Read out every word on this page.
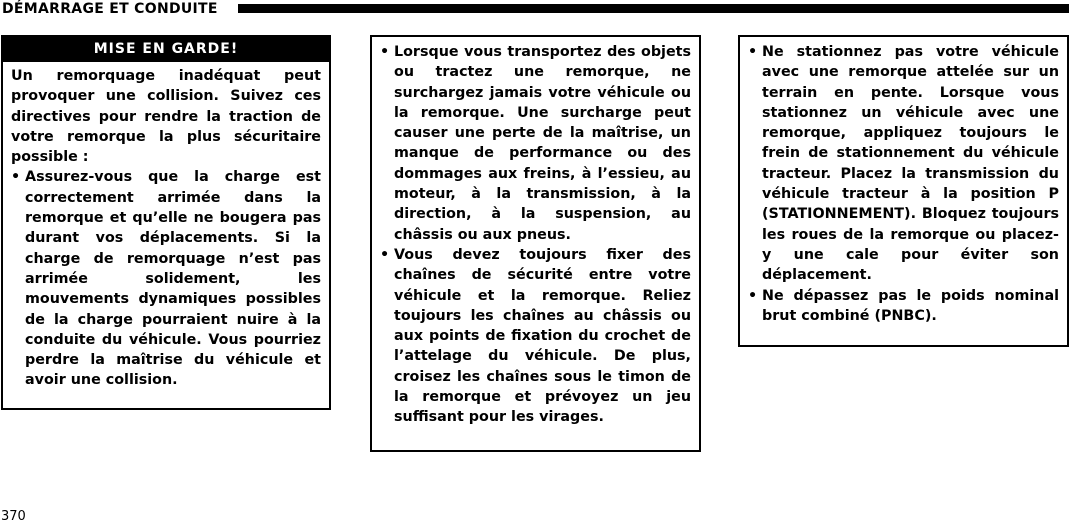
DÉMARRAGE ET CONDUITE
MISE EN GARDE!

Un remorquage inadéquat peut provoquer une collision. Suivez ces directives pour rendre la traction de votre remorque la plus sécuritaire possible :

• Assurez-vous que la charge est correctement arrimée dans la remorque et qu’elle ne bougera pas durant vos déplacements. Si la charge de remorquage n’est pas arrimée solidement, les mouvements dynamiques possibles de la charge pourraient nuire à la conduite du véhicule. Vous pourriez perdre la maîtrise du véhicule et avoir une collision.
• Lorsque vous transportez des objets ou tractez une remorque, ne surchargez jamais votre véhicule ou la remorque. Une surcharge peut causer une perte de la maîtrise, un manque de performance ou des dommages aux freins, à l’essieu, au moteur, à la transmission, à la direction, à la suspension, au châssis ou aux pneus.
• Vous devez toujours fixer des chaînes de sécurité entre votre véhicule et la remorque. Reliez toujours les chaînes au châssis ou aux points de fixation du crochet de l’attelage du véhicule. De plus, croisez les chaînes sous le timon de la remorque et prévoyez un jeu suffisant pour les virages.
• Ne stationnez pas votre véhicule avec une remorque attelée sur un terrain en pente. Lorsque vous stationnez un véhicule avec une remorque, appliquez toujours le frein de stationnement du véhicule tracteur. Placez la transmission du véhicule tracteur à la position P (STATIONNEMENT). Bloquez toujours les roues de la remorque ou placez-y une cale pour éviter son déplacement.
• Ne dépassez pas le poids nominal brut combiné (PNBC).
370
